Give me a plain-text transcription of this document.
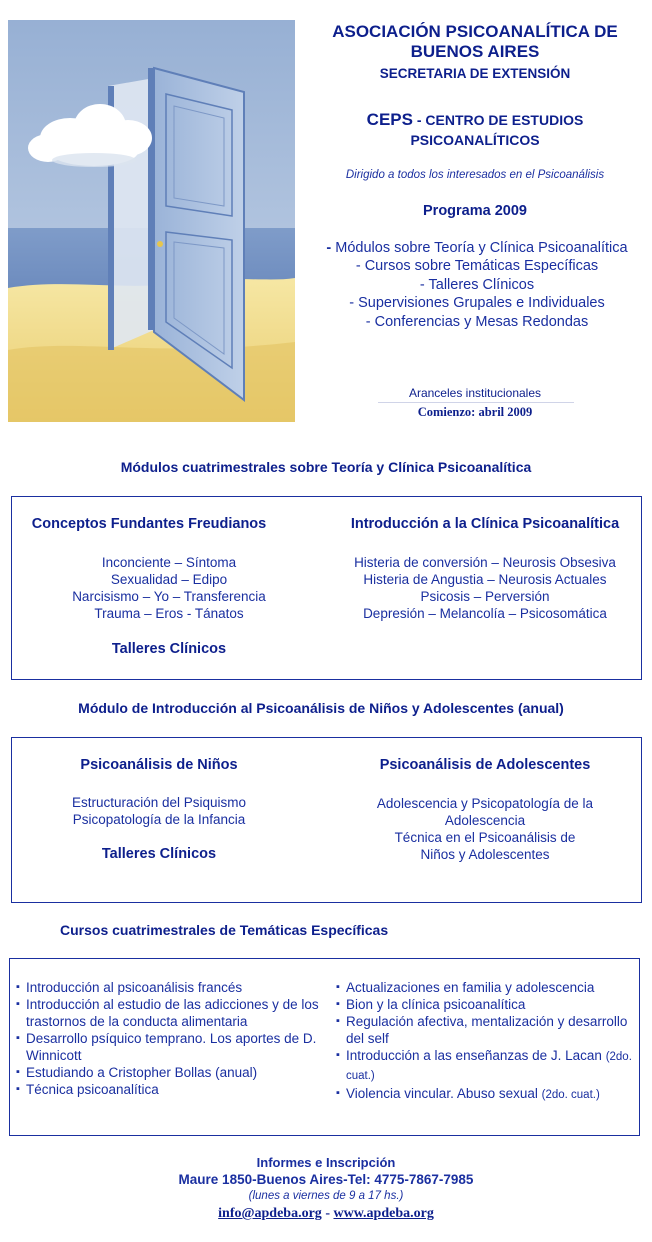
ASOCIACIÓN PSICOANALÍTICA DE BUENOS AIRES
SECRETARIA DE EXTENSIÓN
CEPS - CENTRO DE ESTUDIOS PSICOANALÍTICOS
Dirigido a todos los interesados en el Psicoanálisis
Programa 2009
- Módulos sobre Teoría y Clínica Psicoanalítica
- Cursos sobre Temáticas Específicas
- Talleres Clínicos
- Supervisiones Grupales e Individuales
- Conferencias y Mesas Redondas
Aranceles institucionales
Comienzo: abril 2009
Módulos cuatrimestrales sobre Teoría y Clínica Psicoanalítica
Conceptos Fundantes Freudianos	Introducción a la Clínica Psicoanalítica
Inconciente – Síntoma
Sexualidad – Edipo
Narcisismo – Yo – Transferencia
Trauma – Eros - Tánatos
Histeria de conversión – Neurosis Obsesiva
Histeria de Angustia – Neurosis Actuales
Psicosis – Perversión
Depresión – Melancolía – Psicosomática
Talleres Clínicos
Módulo de Introducción al Psicoanálisis de Niños y Adolescentes (anual)
Psicoanálisis de Niños	Psicoanálisis de Adolescentes
Estructuración del Psiquismo
Psicopatología de la Infancia
Adolescencia y Psicopatología de la
Adolescencia
Técnica en el Psicoanálisis de
Niños y Adolescentes
Talleres Clínicos
Cursos cuatrimestrales de Temáticas Específicas
▪ Introducción al psicoanálisis francés
▪ Introducción al estudio de las adicciones y de los trastornos de la conducta alimentaria
▪ Desarrollo psíquico temprano. Los aportes de D. Winnicott
▪ Estudiando a Cristopher Bollas (anual)
▪ Técnica psicoanalítica
▪ Actualizaciones en familia y adolescencia
▪ Bion y la clínica psicoanalítica
▪ Regulación afectiva, mentalización y desarrollo del self
▪ Introducción a las enseñanzas de J. Lacan (2do. cuat.)
▪ Violencia vincular. Abuso sexual (2do. cuat.)
Informes e Inscripción
Maure 1850-Buenos Aires-Tel: 4775-7867-7985
(lunes a viernes de 9 a 17 hs.)
info@apdeba.org - www.apdeba.org
